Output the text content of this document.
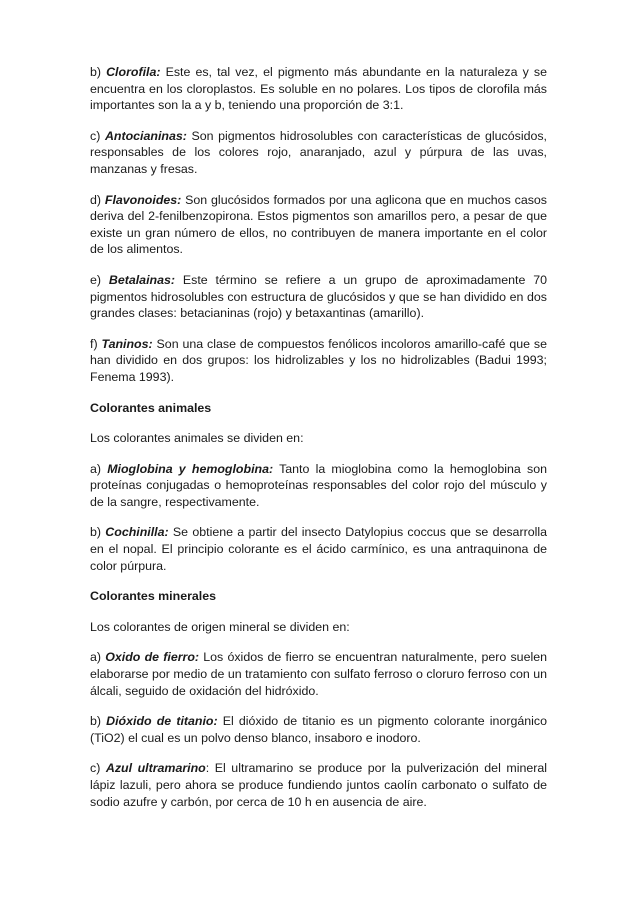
b) Clorofila: Este es, tal vez, el pigmento más abundante en la naturaleza y se encuentra en los cloroplastos. Es soluble en no polares. Los tipos de clorofila más importantes son la a y b, teniendo una proporción de 3:1.

c) Antocianinas: Son pigmentos hidrosolubles con características de glucósidos, responsables de los colores rojo, anaranjado, azul y púrpura de las uvas, manzanas y fresas.

d) Flavonoides: Son glucósidos formados por una aglicona que en muchos casos deriva del 2-fenilbenzopirona. Estos pigmentos son amarillos pero, a pesar de que existe un gran número de ellos, no contribuyen de manera importante en el color de los alimentos.

e) Betalainas: Este término se refiere a un grupo de aproximadamente 70 pigmentos hidrosolubles con estructura de glucósidos y que se han dividido en dos grandes clases: betacianinas (rojo) y betaxantinas (amarillo).

f) Taninos: Son una clase de compuestos fenólicos incoloros amarillo-café que se han dividido en dos grupos: los hidrolizables y los no hidrolizables (Badui 1993; Fenema 1993).

Colorantes animales

Los colorantes animales se dividen en:

a) Mioglobina y hemoglobina: Tanto la mioglobina como la hemoglobina son proteínas conjugadas o hemoproteínas responsables del color rojo del músculo y de la sangre, respectivamente.

b) Cochinilla: Se obtiene a partir del insecto Datylopius coccus que se desarrolla en el nopal. El principio colorante es el ácido carmínico, es una antraquinona de color púrpura.

Colorantes minerales

Los colorantes de origen mineral se dividen en:

a) Oxido de fierro: Los óxidos de fierro se encuentran naturalmente, pero suelen elaborarse por medio de un tratamiento con sulfato ferroso o cloruro ferroso con un álcali, seguido de oxidación del hidróxido.

b) Dióxido de titanio: El dióxido de titanio es un pigmento colorante inorgánico (TiO2) el cual es un polvo denso blanco, insaboro e inodoro.

c) Azul ultramarino: El ultramarino se produce por la pulverización del mineral lápiz lazuli, pero ahora se produce fundiendo juntos caolín carbonato o sulfato de sodio azufre y carbón, por cerca de 10 h en ausencia de aire.
